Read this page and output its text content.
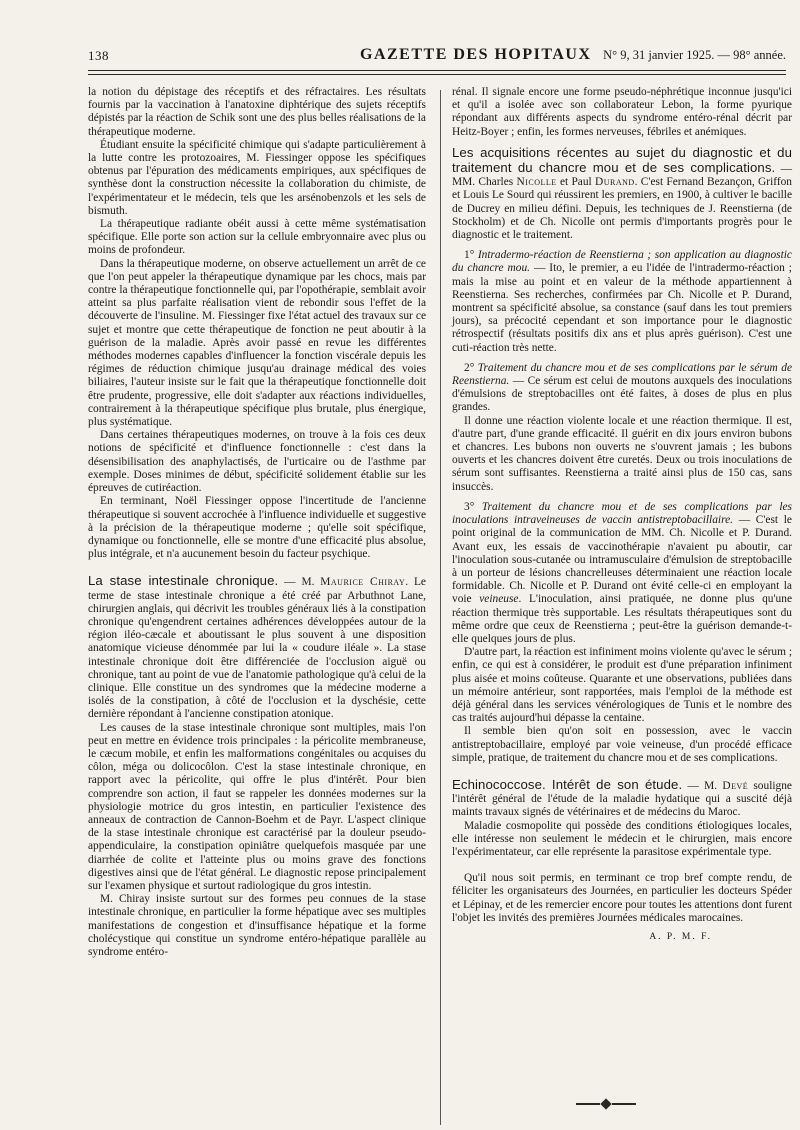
138	GAZETTE DES HOPITAUX N° 9, 31 janvier 1925. — 98° année.

la notion du dépistage des réceptifs et des réfractaires. Les résultats fournis par la vaccination à l'anatoxine diphtérique des sujets réceptifs dépistés par la réaction de Schik sont une des plus belles réalisations de la thérapeutique moderne.

Étudiant ensuite la spécificité chimique qui s'adapte particulièrement à la lutte contre les protozoaires, M. Fiessinger oppose les spécifiques obtenus par l'épuration des médicaments empiriques, aux spécifiques de synthèse dont la construction nécessite la collaboration du chimiste, de l'expérimentateur et le médecin, tels que les arsénobenzols et les sels de bismuth.

La thérapeutique radiante obéit aussi à cette même systématisation spécifique. Elle porte son action sur la cellule embryonnaire avec plus ou moins de profondeur.

Dans la thérapeutique moderne, on observe actuellement un arrêt de ce que l'on peut appeler la thérapeutique dynamique par les chocs, mais par contre la thérapeutique fonctionnelle qui, par l'opothérapie, semblait avoir atteint sa plus parfaite réalisation vient de rebondir sous l'effet de la découverte de l'insuline. M. Fiessinger fixe l'état actuel des travaux sur ce sujet et montre que cette thérapeutique de fonction ne peut aboutir à la guérison de la maladie. Après avoir passé en revue les différentes méthodes modernes capables d'influencer la fonction viscérale depuis les régimes de réduction chimique jusqu'au drainage médical des voies biliaires, l'auteur insiste sur le fait que la thérapeutique fonctionnelle doit être prudente, progressive, elle doit s'adapter aux réactions individuelles, contrairement à la thérapeutique spécifique plus brutale, plus énergique, plus systématique.

Dans certaines thérapeutiques modernes, on trouve à la fois ces deux notions de spécificité et d'influence fonctionnelle : c'est dans la désensibilisation des anaphylactisés, de l'urticaire ou de l'asthme par exemple. Doses minimes de début, spécificité solidement établie sur les épreuves de cutiréaction.

En terminant, Noël Fiessinger oppose l'incertitude de l'ancienne thérapeutique si souvent accrochée à l'influence individuelle et suggestive à la précision de la thérapeutique moderne ; qu'elle soit spécifique, dynamique ou fonctionnelle, elle se montre d'une efficacité plus absolue, plus intégrale, et n'a aucunement besoin du facteur psychique.

La stase intestinale chronique. — M. Maurice Chiray. Le terme de stase intestinale chronique a été créé par Arbuthnot Lane, chirurgien anglais, qui décrivit les troubles généraux liés à la constipation chronique qu'engendrent certaines adhérences développées autour de la région iléo-cæcale et aboutissant le plus souvent à une disposition anatomique vicieuse dénommée par lui la « coudure iléale ». La stase intestinale chronique doit être différenciée de l'occlusion aiguë ou chronique, tant au point de vue de l'anatomie pathologique qu'à celui de la clinique. Elle constitue un des syndromes que la médecine moderne a isolés de la constipation, à côté de l'occlusion et la dyschésie, cette dernière répondant à l'ancienne constipation atonique.

Les causes de la stase intestinale chronique sont multiples, mais l'on peut en mettre en évidence trois principales : la péricolite membraneuse, le cæcum mobile, et enfin les malformations congénitales ou acquises du côlon, méga ou dolicocôlon. C'est la stase intestinale chronique, en rapport avec la péricolite, qui offre le plus d'intérêt. Pour bien comprendre son action, il faut se rappeler les données modernes sur la physiologie motrice du gros intestin, en particulier l'existence des anneaux de contraction de Cannon-Boehm et de Payr. L'aspect clinique de la stase intestinale chronique est caractérisé par la douleur pseudo-appendiculaire, la constipation opiniâtre quelquefois masquée par une diarrhée de colite et l'atteinte plus ou moins grave des fonctions digestives ainsi que de l'état général. Le diagnostic repose principalement sur l'examen physique et surtout radiologique du gros intestin.

M. Chiray insiste surtout sur des formes peu connues de la stase intestinale chronique, en particulier la forme hépatique avec ses multiples manifestations de congestion et d'insuffisance hépatique et la forme cholécystique qui constitue un syndrome entéro-hépatique parallèle au syndrome entéro-

rénal. Il signale encore une forme pseudo-néphrétique inconnue jusqu'ici et qu'il a isolée avec son collaborateur Lebon, la forme pyurique répondant aux différents aspects du syndrome entéro-rénal décrit par Heitz-Boyer ; enfin, les formes nerveuses, fébriles et anémiques.

Les acquisitions récentes au sujet du diagnostic et du traitement du chancre mou et de ses complications. — MM. Charles Nicolle et Paul Durand. C'est Fernand Bezançon, Griffon et Louis Le Sourd qui réussirent les premiers, en 1900, à cultiver le bacille de Ducrey en milieu défini. Depuis, les techniques de J. Reenstierna (de Stockholm) et de Ch. Nicolle ont permis d'importants progrès pour le diagnostic et le traitement.

1° Intradermo-réaction de Reenstierna ; son application au diagnostic du chancre mou. — Ito, le premier, a eu l'idée de l'intradermo-réaction ; mais la mise au point et en valeur de la méthode appartiennent à Reenstierna. Ses recherches, confirmées par Ch. Nicolle et P. Durand, montrent sa spécificité absolue, sa constance (sauf dans les tout premiers jours), sa précocité cependant et son importance pour le diagnostic rétrospectif (résultats positifs dix ans et plus après guérison). C'est une cuti-réaction très nette.

2° Traitement du chancre mou et de ses complications par le sérum de Reenstierna. — Ce sérum est celui de moutons auxquels des inoculations d'émulsions de streptobacilles ont été faites, à doses de plus en plus grandes.

Il donne une réaction violente locale et une réaction thermique. Il est, d'autre part, d'une grande efficacité. Il guérit en dix jours environ bubons et chancres. Les bubons non ouverts ne s'ouvrent jamais ; les bubons ouverts et les chancres doivent être curetés. Deux ou trois inoculations de sérum sont suffisantes. Reenstierna a traité ainsi plus de 150 cas, sans insuccès.

3° Traitement du chancre mou et de ses complications par les inoculations intraveineuses de vaccin antistreptobacillaire. — C'est le point original de la communication de MM. Ch. Nicolle et P. Durand. Avant eux, les essais de vaccinothérapie n'avaient pu aboutir, car l'inoculation sous-cutanée ou intramusculaire d'émulsion de streptobacille à un porteur de lésions chancrelleuses déterminaient une réaction locale formidable. Ch. Nicolle et P. Durand ont évité celle-ci en employant la voie veineuse. L'inoculation, ainsi pratiquée, ne donne plus qu'une réaction thermique très supportable. Les résultats thérapeutiques sont du même ordre que ceux de Reenstierna ; peut-être la guérison demande-t-elle quelques jours de plus.

D'autre part, la réaction est infiniment moins violente qu'avec le sérum ; enfin, ce qui est à considérer, le produit est d'une préparation infiniment plus aisée et moins coûteuse. Quarante et une observations, publiées dans un mémoire antérieur, sont rapportées, mais l'emploi de la méthode est déjà général dans les services vénérologiques de Tunis et le nombre des cas traités aujourd'hui dépasse la centaine.

Il semble bien qu'on soit en possession, avec le vaccin antistreptobacillaire, employé par voie veineuse, d'un procédé efficace simple, pratique, de traitement du chancre mou et de ses complications.

Echinococcose. Intérêt de son étude. — M. Devé souligne l'intérêt général de l'étude de la maladie hydatique qui a suscité déjà maints travaux signés de vétérinaires et de médecins du Maroc.

Maladie cosmopolite qui possède des conditions étiologiques locales, elle intéresse non seulement le médecin et le chirurgien, mais encore l'expérimentateur, car elle représente la parasitose expérimentale type.

Qu'il nous soit permis, en terminant ce trop bref compte rendu, de féliciter les organisateurs des Journées, en particulier les docteurs Spéder et Lépinay, et de les remercier encore pour toutes les attentions dont furent l'objet les invités des premières Journées médicales marocaines.

A. P. M. F.
